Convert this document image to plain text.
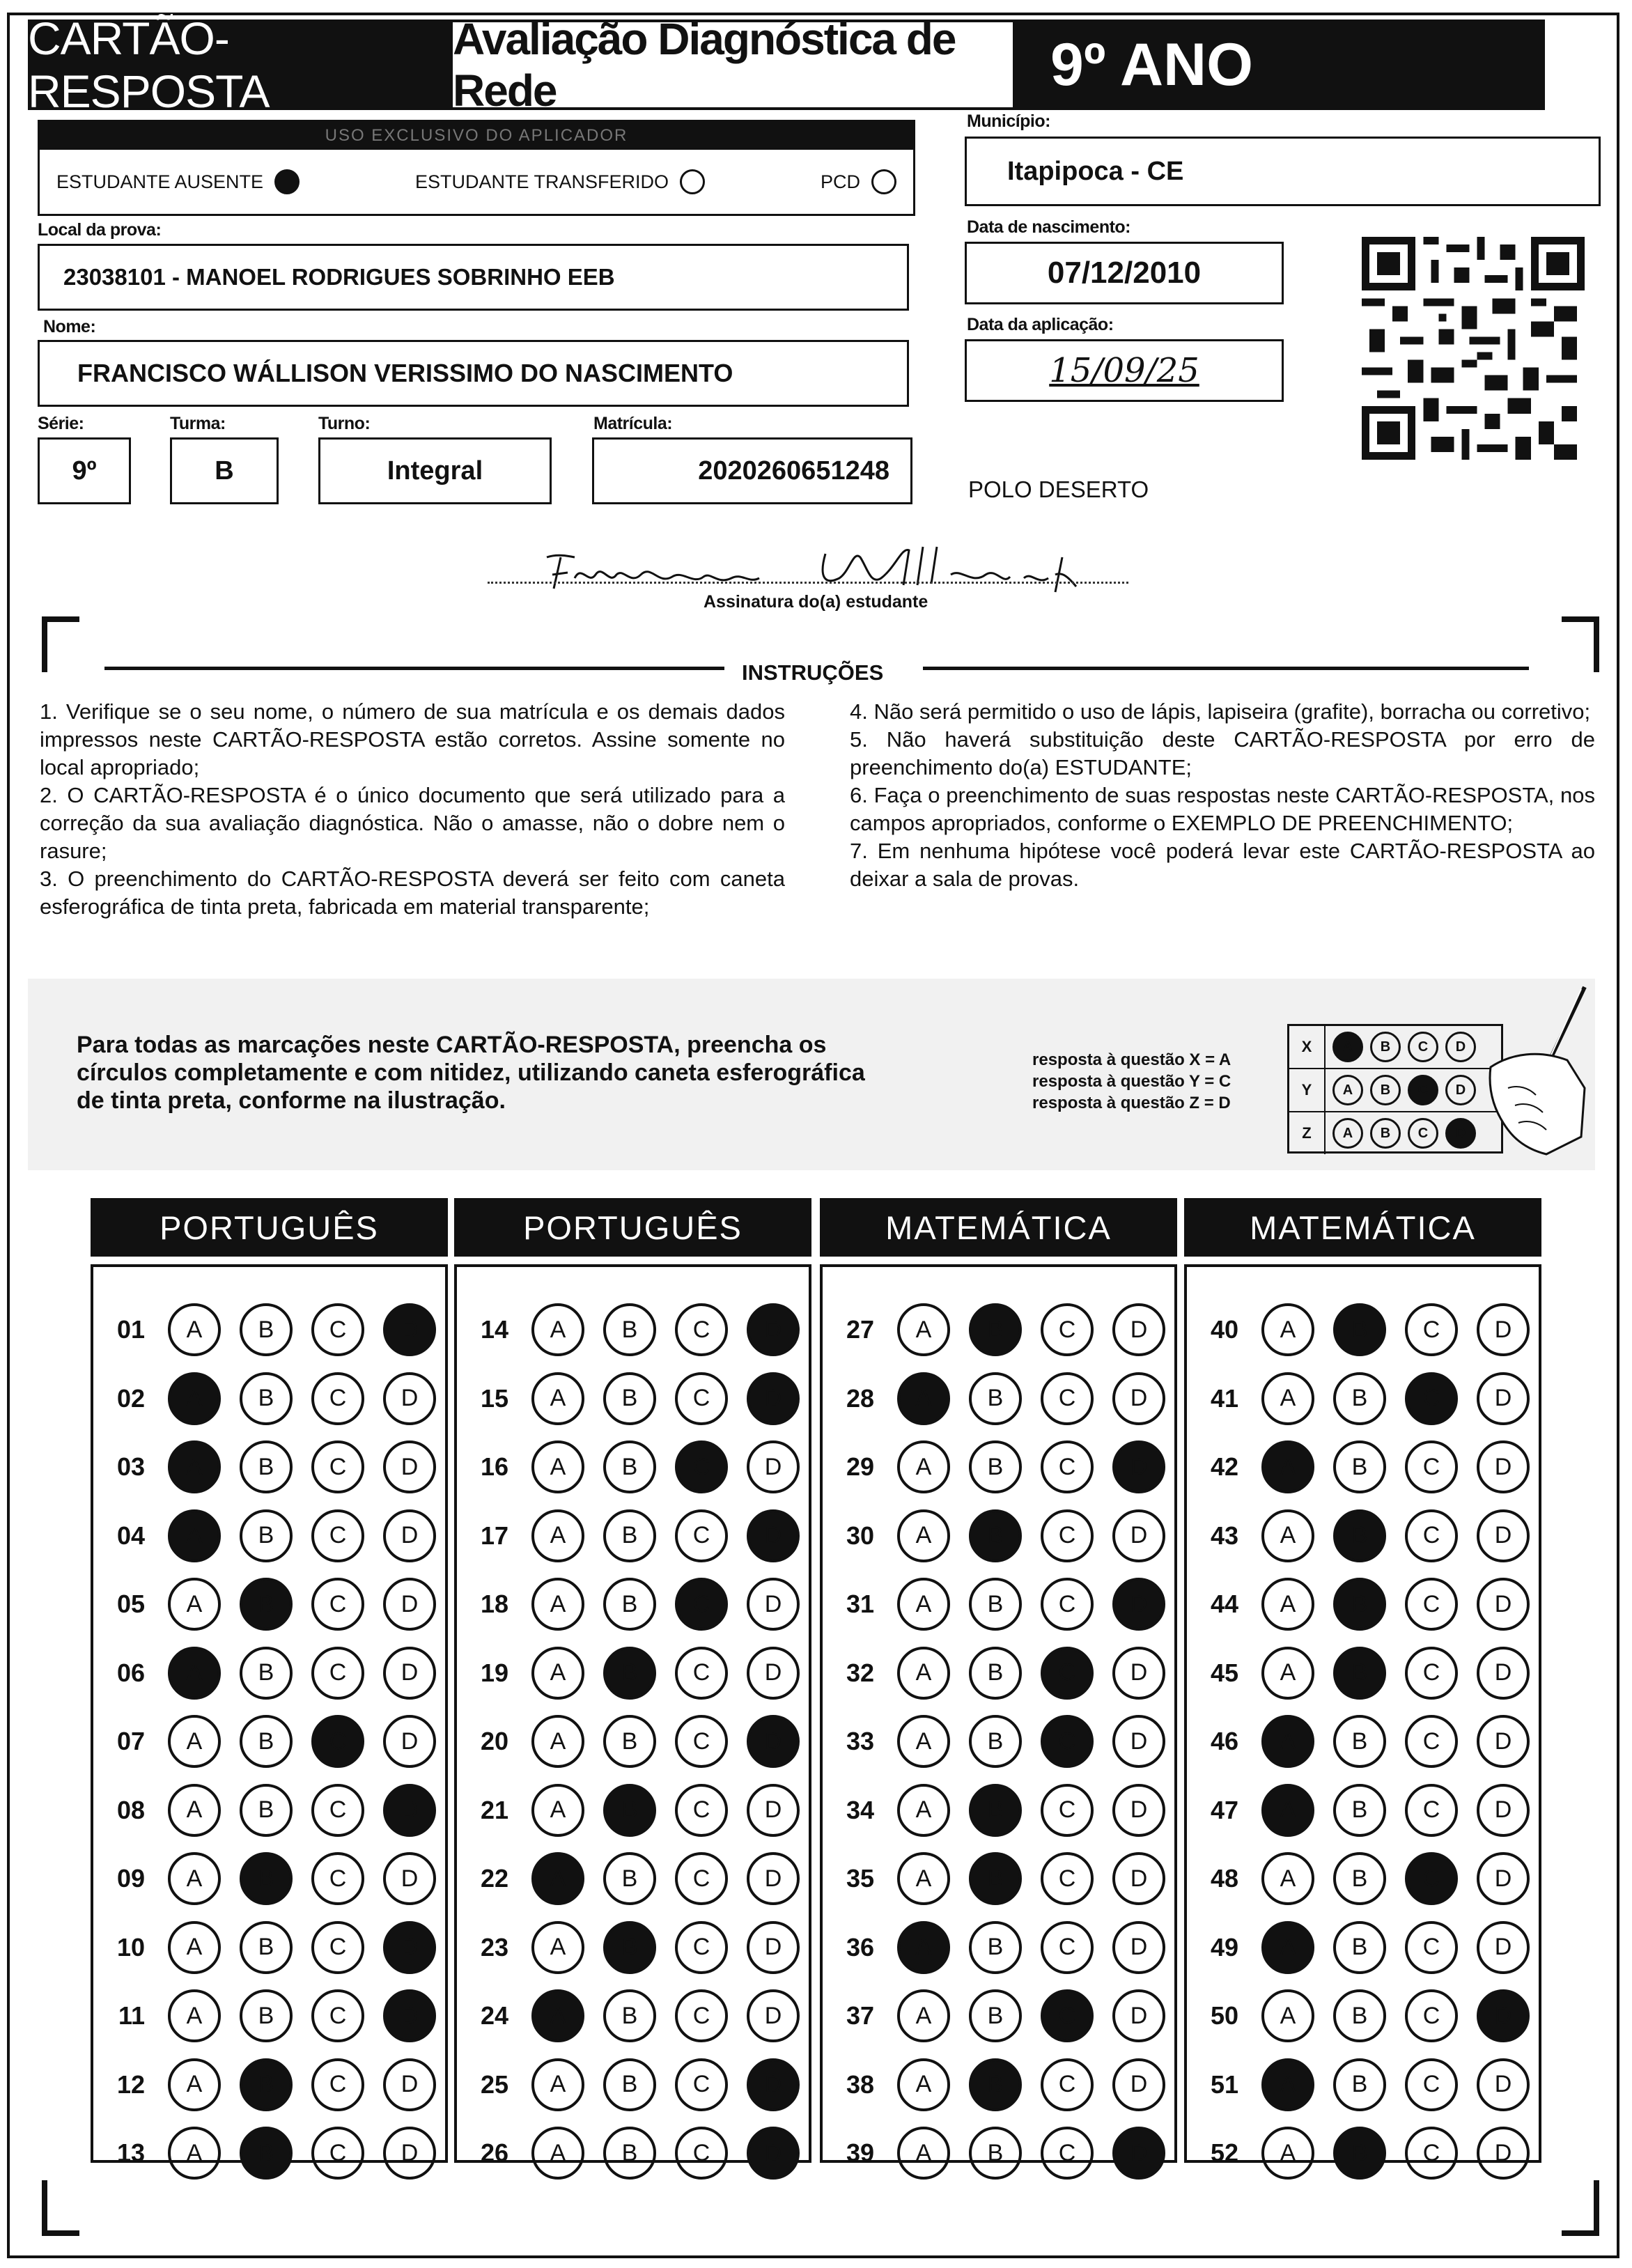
CARTÃO-RESPOSTA
Avaliação Diagnóstica de Rede	9º ANO
USO EXCLUSIVO DO APLICADOR
ESTUDANTE AUSENTE	ESTUDANTE TRANSFERIDO	PCD
Município:
Itapipoca - CE
Local da prova:
23038101 - MANOEL RODRIGUES SOBRINHO EEB
Data de nascimento:
07/12/2010
Data da aplicação:
15/09/25
Nome:
FRANCISCO WÁLLISON VERISSIMO DO NASCIMENTO
Série:
9º
Turma:
B
Turno:
Integral
Matrícula:
2020260651248
POLO DESERTO
Assinatura do(a) estudante
INSTRUÇÕES

1. Verifique se o seu nome, o número de sua matrícula e os demais dados impressos neste CARTÃO-RESPOSTA estão corretos. Assine somente no local apropriado;

2. O CARTÃO-RESPOSTA é o único documento que será utilizado para a correção da sua avaliação diagnóstica. Não o amasse, não o dobre nem o rasure;

3. O preenchimento do CARTÃO-RESPOSTA deverá ser feito com caneta esferográfica de tinta preta, fabricada em material transparente;

4. Não será permitido o uso de lápis, lapiseira (grafite), borracha ou corretivo;

5. Não haverá substituição deste CARTÃO-RESPOSTA por erro de preenchimento do(a) ESTUDANTE;

6. Faça o preenchimento de suas respostas neste CARTÃO-RESPOSTA, nos campos apropriados, conforme o EXEMPLO DE PREENCHIMENTO;

7. Em nenhuma hipótese você poderá levar este CARTÃO-RESPOSTA ao deixar a sala de provas.

Para todas as marcações neste CARTÃO-RESPOSTA, preencha os círculos completamente e com nitidez, utilizando caneta esferográfica de tinta preta, conforme na ilustração.
resposta à questão X = A
resposta à questão Y = C
resposta à questão Z = D
X	A	B	C	D
Y	A	B	C	D
Z	A	B	C	D
PORTUGUÊS
01	A	B	C	D
02	A	B	C	D
03	A	B	C	D
04	A	B	C	D
05	A	B	C	D
06	A	B	C	D
07	A	B	C	D
08	A	B	C	D
09	A	B	C	D
10	A	B	C	D
11	A	B	C	D
12	A	B	C	D
13	A	B	C	D
PORTUGUÊS
14	A	B	C	D
15	A	B	C	D
16	A	B	C	D
17	A	B	C	D
18	A	B	C	D
19	A	B	C	D
20	A	B	C	D
21	A	B	C	D
22	A	B	C	D
23	A	B	C	D
24	A	B	C	D
25	A	B	C	D
26	A	B	C	D
MATEMÁTICA
27	A	B	C	D
28	A	B	C	D
29	A	B	C	D
30	A	B	C	D
31	A	B	C	D
32	A	B	C	D
33	A	B	C	D
34	A	B	C	D
35	A	B	C	D
36	A	B	C	D
37	A	B	C	D
38	A	B	C	D
39	A	B	C	D
MATEMÁTICA
40	A	B	C	D
41	A	B	C	D
42	A	B	C	D
43	A	B	C	D
44	A	B	C	D
45	A	B	C	D
46	A	B	C	D
47	A	B	C	D
48	A	B	C	D
49	A	B	C	D
50	A	B	C	D
51	A	B	C	D
52	A	B	C	D
